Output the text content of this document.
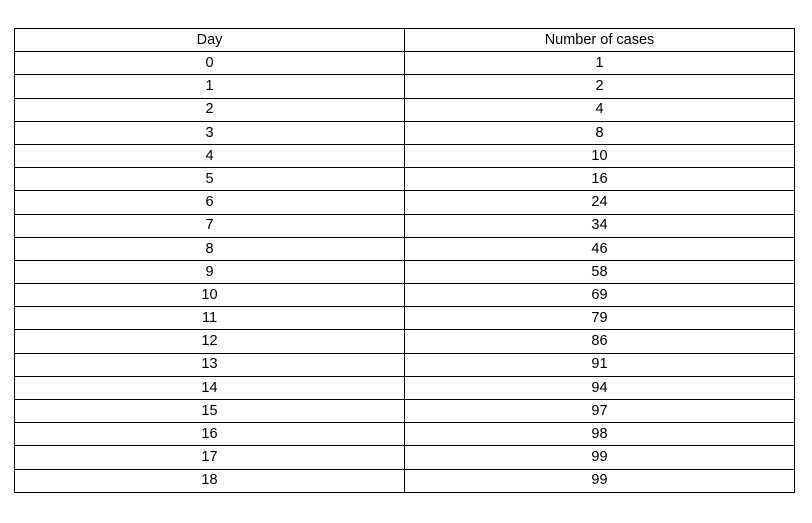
Day	Number of cases
0	1
1	2
2	4
3	8
4	10
5	16
6	24
7	34
8	46
9	58
10	69
11	79
12	86
13	91
14	94
15	97
16	98
17	99
18	99
